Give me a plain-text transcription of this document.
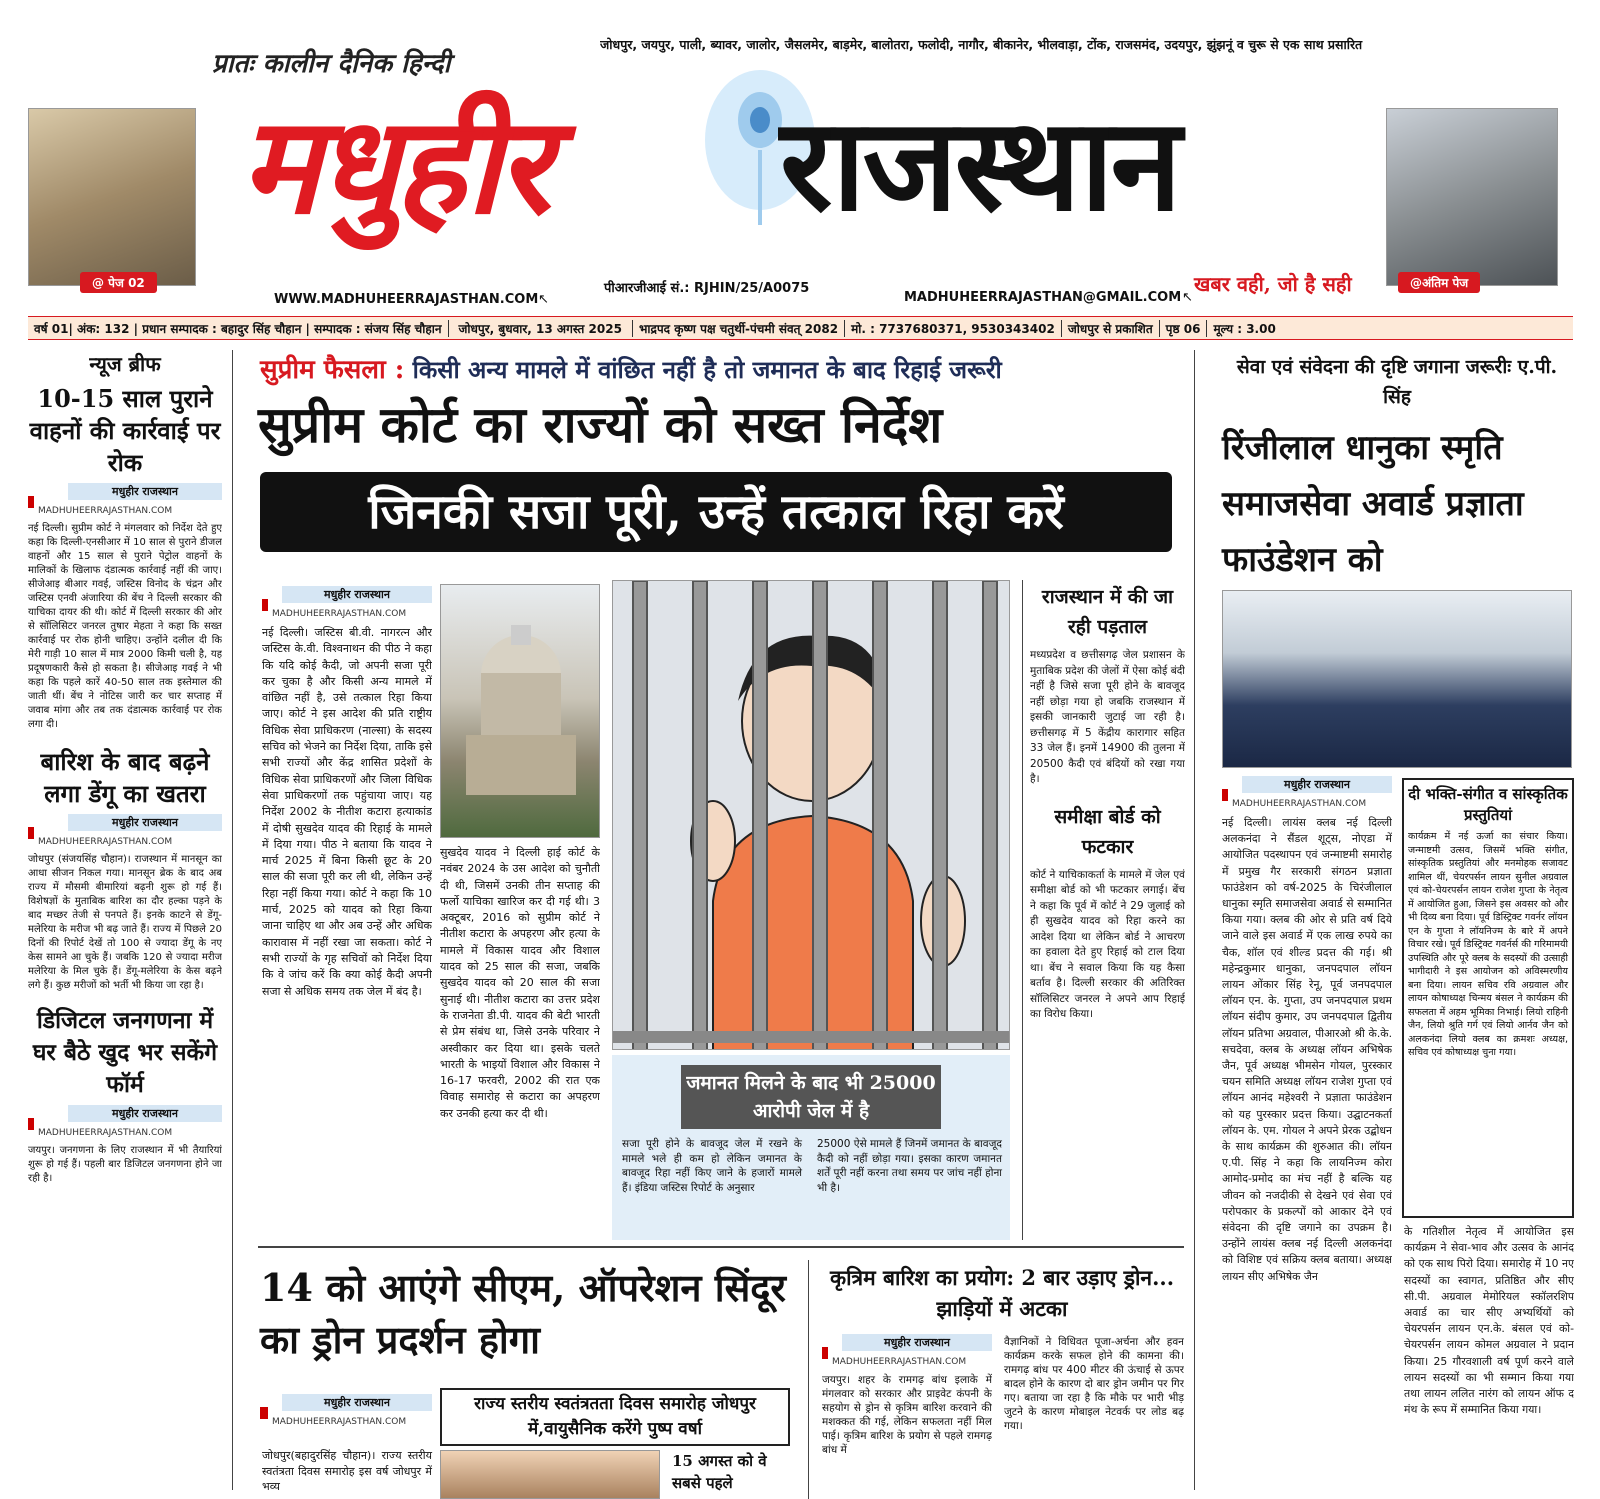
प्रातः कालीन दैनिक हिन्दी
जोधपुर, जयपुर, पाली, ब्यावर, जालोर, जैसलमेर, बाड़मेर, बालोतरा, फलोदी, नागौर, बीकानेर, भीलवाड़ा, टोंक, राजसमंद, उदयपुर, झुंझनूं व चुरू से एक साथ प्रसारित
@ पेज 02
मधुहीर राजस्थान
@अंतिम पेज
पीआरजीआई सं.: RJHIN/25/A0075
WWW.MADHUHEERRAJASTHAN.COM ↖	MADHUHEERRAJASTHAN@GMAIL.COM ↖
खबर वही, जो है सही
वर्ष 01| अंक: 132 | प्रधान सम्पादक : बहादुर सिंह चौहान | सम्पादक : संजय सिंह चौहान	जोधपुर, बुधवार, 13 अगस्त 2025	भाद्रपद कृष्ण पक्ष चतुर्थी-पंचमी संवत् 2082	मो. : 7737680371, 9530343402	जोधपुर से प्रकाशित	पृष्ठ 06	मूल्य : 3.00
न्यूज ब्रीफ
10-15 साल पुराने वाहनों की कार्रवाई पर रोक
मधुहीर राजस्थान
MADHUHEERRAJASTHAN.COM
नई दिल्ली। सुप्रीम कोर्ट ने मंगलवार को निर्देश देते हुए कहा कि दिल्ली-एनसीआर में 10 साल से पुराने डीजल वाहनों और 15 साल से पुराने पेट्रोल वाहनों के मालिकों के खिलाफ दंडात्मक कार्रवाई नहीं की जाए। सीजेआइ बीआर गवई, जस्टिस विनोद के चंद्रन और जस्टिस एनवी अंजारिया की बेंच ने दिल्ली सरकार की याचिका दायर की थी। कोर्ट में दिल्ली सरकार की ओर से सॉलिसिटर जनरल तुषार मेहता ने कहा कि सख्त कार्रवाई पर रोक होनी चाहिए। उन्होंने दलील दी कि मेरी गाड़ी 10 साल में मात्र 2000 किमी चली है, यह प्रदूषणकारी कैसे हो सकता है। सीजेआइ गवई ने भी कहा कि पहले कारें 40-50 साल तक इस्तेमाल की जाती थीं। बेंच ने नोटिस जारी कर चार सप्ताह में जवाब मांगा और तब तक दंडात्मक कार्रवाई पर रोक लगा दी।
बारिश के बाद बढ़ने लगा डेंगू का खतरा
मधुहीर राजस्थान
MADHUHEERRAJASTHAN.COM
जोधपुर (संजयसिंह चौहान)। राजस्थान में मानसून का आधा सीजन निकल गया। मानसून ब्रेक के बाद अब राज्य में मौसमी बीमारियां बढ़नी शुरू हो गई हैं। विशेषज्ञों के मुताबिक बारिश का दौर हल्का पड़ने के बाद मच्छर तेजी से पनपते हैं। इनके काटने से डेंगू-मलेरिया के मरीज भी बढ़ जाते हैं। राज्य में पिछले 20 दिनों की रिपोर्ट देखें तो 100 से ज्यादा डेंगू के नए केस सामने आ चुके हैं। जबकि 120 से ज्यादा मरीज मलेरिया के मिल चुके हैं। डेंगू-मलेरिया के केस बढ़ने लगे हैं। कुछ मरीजों को भर्ती भी किया जा रहा है।
डिजिटल जनगणना में घर बैठे खुद भर सकेंगे फॉर्म
मधुहीर राजस्थान
MADHUHEERRAJASTHAN.COM
जयपुर। जनगणना के लिए राजस्थान में भी तैयारियां शुरू हो गई हैं। पहली बार डिजिटल जनगणना होने जा रही है।
सुप्रीम फैसला : किसी अन्य मामले में वांछित नहीं है तो जमानत के बाद रिहाई जरूरी
सुप्रीम कोर्ट का राज्यों को सख्त निर्देश
जिनकी सजा पूरी, उन्हें तत्काल रिहा करें
मधुहीर राजस्थान
MADHUHEERRAJASTHAN.COM
नई दिल्ली। जस्टिस बी.वी. नागरत्न और जस्टिस के.वी. विश्वनाथन की पीठ ने कहा कि यदि कोई कैदी, जो अपनी सजा पूरी कर चुका है और किसी अन्य मामले में वांछित नहीं है, उसे तत्काल रिहा किया जाए। कोर्ट ने इस आदेश की प्रति राष्ट्रीय विधिक सेवा प्राधिकरण (नाल्सा) के सदस्य सचिव को भेजने का निर्देश दिया, ताकि इसे सभी राज्यों और केंद्र शासित प्रदेशों के विधिक सेवा प्राधिकरणों और जिला विधिक सेवा प्राधिकरणों तक पहुंचाया जाए। यह निर्देश 2002 के नीतीश कटारा हत्याकांड में दोषी सुखदेव यादव की रिहाई के मामले में दिया गया। पीठ ने बताया कि यादव ने मार्च 2025 में बिना किसी छूट के 20 साल की सजा पूरी कर ली थी, लेकिन उन्हें रिहा नहीं किया गया। कोर्ट ने कहा कि 10 मार्च, 2025 को यादव को रिहा किया जाना चाहिए था और अब उन्हें और अधिक कारावास में नहीं रखा जा सकता। कोर्ट ने सभी राज्यों के गृह सचिवों को निर्देश दिया कि वे जांच करें कि क्या कोई कैदी अपनी सजा से अधिक समय तक जेल में बंद है।
सुखदेव यादव ने दिल्ली हाई कोर्ट के नवंबर 2024 के उस आदेश को चुनौती दी थी, जिसमें उनकी तीन सप्ताह की फर्लो याचिका खारिज कर दी गई थी। 3 अक्टूबर, 2016 को सुप्रीम कोर्ट ने नीतीश कटारा के अपहरण और हत्या के मामले में विकास यादव और विशाल यादव को 25 साल की सजा, जबकि सुखदेव यादव को 20 साल की सजा सुनाई थी। नीतीश कटारा का उत्तर प्रदेश के राजनेता डी.पी. यादव की बेटी भारती से प्रेम संबंध था, जिसे उनके परिवार ने अस्वीकार कर दिया था। इसके चलते भारती के भाइयों विशाल और विकास ने 16-17 फरवरी, 2002 की रात एक विवाह समारोह से कटारा का अपहरण कर उनकी हत्या कर दी थी।
जमानत मिलने के बाद भी 25000 आरोपी जेल में है
सजा पूरी होने के बावजूद जेल में रखने के मामले भले ही कम हो लेकिन जमानत के बावजूद रिहा नहीं किए जाने के हजारों मामले हैं। इंडिया जस्टिस रिपोर्ट के अनुसार
25000 ऐसे मामले हैं जिनमें जमानत के बावजूद कैदी को नहीं छोड़ा गया। इसका कारण जमानत शर्तें पूरी नहीं करना तथा समय पर जांच नहीं होना भी है।
राजस्थान में की जा रही पड़ताल
मध्यप्रदेश व छत्तीसगढ़ जेल प्रशासन के मुताबिक प्रदेश की जेलों में ऐसा कोई बंदी नहीं है जिसे सजा पूरी होने के बावजूद नहीं छोड़ा गया हो जबकि राजस्थान में इसकी जानकारी जुटाई जा रही है। छत्तीसगढ़ में 5 केंद्रीय कारागार सहित 33 जेल हैं। इनमें 14900 की तुलना में 20500 कैदी एवं बंदियों को रखा गया है।
समीक्षा बोर्ड को फटकार
कोर्ट ने याचिकाकर्ता के मामले में जेल एवं समीक्षा बोर्ड को भी फटकार लगाई। बेंच ने कहा कि पूर्व में कोर्ट ने 29 जुलाई को ही सुखदेव यादव को रिहा करने का आदेश दिया था लेकिन बोर्ड ने आचरण का हवाला देते हुए रिहाई को टाल दिया था। बेंच ने सवाल किया कि यह कैसा बर्ताव है। दिल्ली सरकार की अतिरिक्त सॉलिसिटर जनरल ने अपने आप रिहाई का विरोध किया।
14 को आएंगे सीएम, ऑपरेशन सिंदूर का ड्रोन प्रदर्शन होगा
मधुहीर राजस्थान
MADHUHEERRAJASTHAN.COM
राज्य स्तरीय स्वतंत्रतता दिवस समारोह जोधपुर में,वायुसैनिक करेंगे पुष्प वर्षा
जोधपुर(बहादुरसिंह चौहान)। राज्य स्तरीय स्वतंत्रता दिवस समारोह इस वर्ष जोधपुर में भव्य
15 अगस्त को वे सबसे पहले
कृत्रिम बारिश का प्रयोग: 2 बार उड़ाए ड्रोन... झाड़ियों में अटका
मधुहीर राजस्थान
MADHUHEERRAJASTHAN.COM
जयपुर। शहर के रामगढ़ बांध इलाके में मंगलवार को सरकार और प्राइवेट कंपनी के सहयोग से ड्रोन से कृत्रिम बारिश करवाने की मशक्कत की गई, लेकिन सफलता नहीं मिल पाई। कृत्रिम बारिश के प्रयोग से पहले रामगढ़ बांध में
वैज्ञानिकों ने विधिवत पूजा-अर्चना और हवन कार्यक्रम करके सफल होने की कामना की। रामगढ़ बांध पर 400 मीटर की ऊंचाई से ऊपर बादल होने के कारण दो बार ड्रोन जमीन पर गिर गए। बताया जा रहा है कि मौके पर भारी भीड़ जुटने के कारण मोबाइल नेटवर्क पर लोड बढ़ गया।
सेवा एवं संवेदना की दृष्टि जगाना जरूरीः ए.पी. सिंह
रिंजीलाल धानुका स्मृति समाजसेवा अवार्ड प्रज्ञाता फाउंडेशन को
मधुहीर राजस्थान
MADHUHEERRAJASTHAN.COM
नई दिल्ली। लायंस क्लब नई दिल्ली अलकनंदा ने सैंडल शूट्स, नोएडा में आयोजित पदस्थापन एवं जन्माष्टमी समारोह में प्रमुख गैर सरकारी संगठन प्रज्ञाता फाउंडेशन को वर्ष-2025 के चिरंजीलाल धानुका स्मृति समाजसेवा अवार्ड से सम्मानित किया गया। क्लब की ओर से प्रति वर्ष दिये जाने वाले इस अवार्ड में एक लाख रुपये का चैक, शॉल एवं शील्ड प्रदत्त की गई। श्री महेन्द्रकुमार धानुका, जनपदपाल लॉयन लायन ओंकार सिंह रेनू, पूर्व जनपदपाल लॉयन एन. के. गुप्ता, उप जनपदपाल प्रथम लॉयन संदीप कुमार, उप जनपदपाल द्वितीय लॉयन प्रतिभा अग्रवाल, पीआरओ श्री के.के. सचदेवा, क्लब के अध्यक्ष लॉयन अभिषेक जैन, पूर्व अध्यक्ष भीमसेन गोयल, पुरस्कार चयन समिति अध्यक्ष लॉयन राजेश गुप्ता एवं लॉयन आनंद महेश्वरी ने प्रज्ञाता फाउंडेशन को यह पुरस्कार प्रदत्त किया। उद्घाटनकर्ता लॉयन के. एम. गोयल ने अपने प्रेरक उद्बोधन के साथ कार्यक्रम की शुरुआत की। लॉयन ए.पी. सिंह ने कहा कि लायनिज्म कोरा आमोद-प्रमोद का मंच नहीं है बल्कि यह जीवन को नजदीकी से देखने एवं सेवा एवं परोपकार के प्रकल्पों को आकार देने एवं संवेदना की दृष्टि जगाने का उपक्रम है। उन्होंने लायंस क्लब नई दिल्ली अलकनंदा को विशिष्ट एवं सक्रिय क्लब बताया। अध्यक्ष लायन सीए अभिषेक जैन
दी भक्ति-संगीत व सांस्कृतिक प्रस्तुतियां
कार्यक्रम में नई ऊर्जा का संचार किया। जन्माष्टमी उत्सव, जिसमें भक्ति संगीत, सांस्कृतिक प्रस्तुतियां और मनमोहक सजावट शामिल थीं, चेयरपर्सन लायन सुनील अग्रवाल एवं को-चेयरपर्सन लायन राजेश गुप्ता के नेतृत्व में आयोजित हुआ, जिसने इस अवसर को और भी दिव्य बना दिया। पूर्व डिस्ट्रिक्ट गवर्नर लॉयन एन के गुप्ता ने लॉयनिज्म के बारे में अपने विचार रखे। पूर्व डिस्ट्रिक्ट गवर्नर्स की गरिमामयी उपस्थिति और पूरे क्लब के सदस्यों की उत्साही भागीदारी ने इस आयोजन को अविस्मरणीय बना दिया। लायन सचिव रवि अग्रवाल और लायन कोषाध्यक्ष चिन्मय बंसल ने कार्यक्रम की सफलता में अहम भूमिका निभाई। लियो राहिनी जैन, लियो श्रुति गर्ग एवं लियो आर्नव जैन को अलकनंदा लियो क्लब का क्रमशः अध्यक्ष, सचिव एवं कोषाध्यक्ष चुना गया।
के गतिशील नेतृत्व में आयोजित इस कार्यक्रम ने सेवा-भाव और उत्सव के आनंद को एक साथ पिरो दिया। समारोह में 10 नए सदस्यों का स्वागत, प्रतिष्ठित और सीए सी.पी. अग्रवाल मेमोरियल स्कॉलरशिप अवार्ड का चार सीए अभ्यर्थियों को चेयरपर्सन लायन एन.के. बंसल एवं को-चेयरपर्सन लायन कोमल अग्रवाल ने प्रदान किया। 25 गौरवशाली वर्ष पूर्ण करने वाले लायन सदस्यों का भी सम्मान किया गया तथा लायन ललित नारंग को लायन ऑफ द मंथ के रूप में सम्मानित किया गया।
